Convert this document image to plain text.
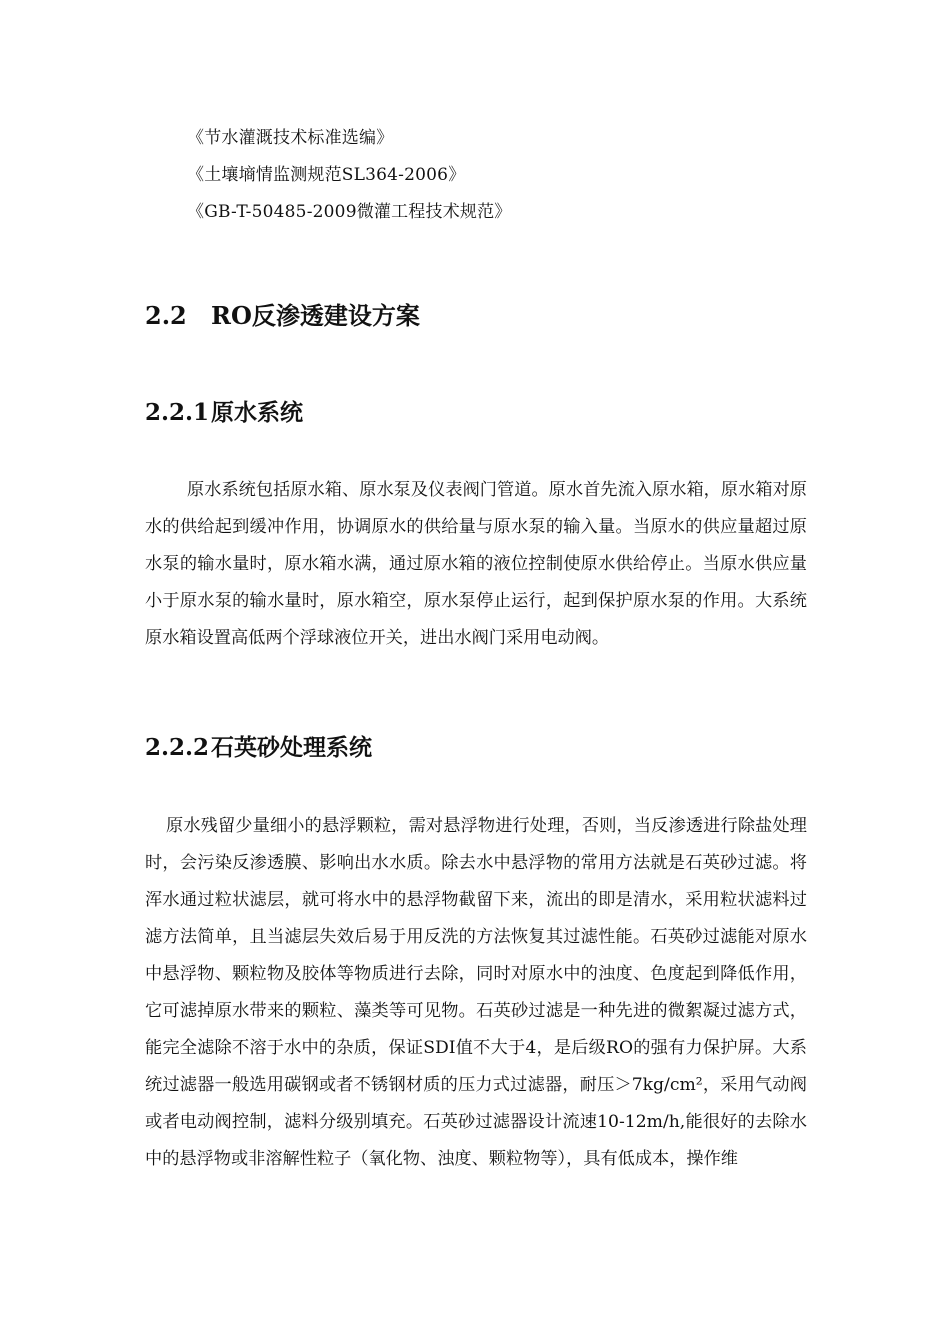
《节水灌溉技术标准选编》
《土壤墒情监测规范SL364-2006》
《GB-T-50485-2009微灌工程技术规范》
2.2 RO反渗透建设方案
2.2.1原水系统

原水系统包括原水箱、原水泵及仪表阀门管道。原水首先流入原水箱，原水箱对原水的供给起到缓冲作用，协调原水的供给量与原水泵的输入量。当原水的供应量超过原水泵的输水量时，原水箱水满，通过原水箱的液位控制使原水供给停止。当原水供应量小于原水泵的输水量时，原水箱空，原水泵停止运行，起到保护原水泵的作用。大系统原水箱设置高低两个浮球液位开关，进出水阀门采用电动阀。

2.2.2石英砂处理系统

原水残留少量细小的悬浮颗粒，需对悬浮物进行处理，否则，当反渗透进行除盐处理时，会污染反渗透膜、影响出水水质。除去水中悬浮物的常用方法就是石英砂过滤。将浑水通过粒状滤层，就可将水中的悬浮物截留下来，流出的即是清水，采用粒状滤料过滤方法简单，且当滤层失效后易于用反洗的方法恢复其过滤性能。石英砂过滤能对原水中悬浮物、颗粒物及胶体等物质进行去除，同时对原水中的浊度、色度起到降低作用，它可滤掉原水带来的颗粒、藻类等可见物。石英砂过滤是一种先进的微絮凝过滤方式，能完全滤除不溶于水中的杂质，保证SDI值不大于4，是后级RO的强有力保护屏。大系统过滤器一般选用碳钢或者不锈钢材质的压力式过滤器，耐压＞7kg/cm²，采用气动阀或者电动阀控制，滤料分级别填充。石英砂过滤器设计流速10-12m/h,能很好的去除水中的悬浮物或非溶解性粒子（氧化物、浊度、颗粒物等），具有低成本，操作维
